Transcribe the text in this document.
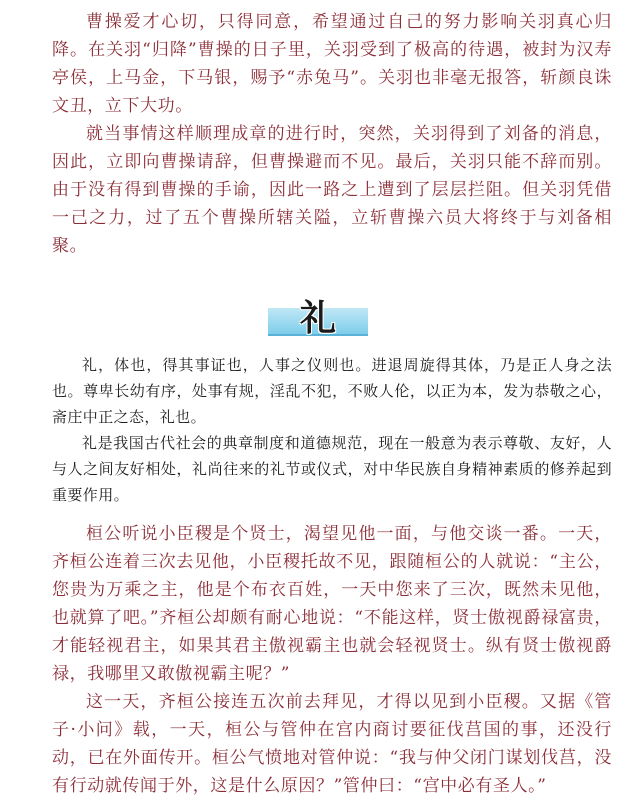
曹操爱才心切，只得同意，希望通过自己的努力影响关羽真心归降。在关羽“归降”曹操的日子里，关羽受到了极高的待遇，被封为汉寿亭侯，上马金，下马银，赐予“赤兔马”。关羽也非毫无报答，斩颜良诛文丑，立下大功。

就当事情这样顺理成章的进行时，突然，关羽得到了刘备的消息，因此，立即向曹操请辞，但曹操避而不见。最后，关羽只能不辞而别。由于没有得到曹操的手谕，因此一路之上遭到了层层拦阻。但关羽凭借一己之力，过了五个曹操所辖关隘，立斩曹操六员大将终于与刘备相聚。

礼

礼，体也，得其事证也，人事之仪则也。进退周旋得其体，乃是正人身之法也。尊卑长幼有序，处事有规，淫乱不犯，不败人伦，以正为本，发为恭敬之心，斋庄中正之态，礼也。

礼是我国古代社会的典章制度和道德规范，现在一般意为表示尊敬、友好，人与人之间友好相处，礼尚往来的礼节或仪式，对中华民族自身精神素质的修养起到重要作用。

桓公听说小臣稷是个贤士，渴望见他一面，与他交谈一番。一天，齐桓公连着三次去见他，小臣稷托故不见，跟随桓公的人就说：“主公，您贵为万乘之主，他是个布衣百姓，一天中您来了三次，既然未见他，也就算了吧。”齐桓公却颇有耐心地说：“不能这样，贤士傲视爵禄富贵，才能轻视君主，如果其君主傲视霸主也就会轻视贤士。纵有贤士傲视爵禄，我哪里又敢傲视霸主呢？”

这一天，齐桓公接连五次前去拜见，才得以见到小臣稷。又据《管子·小问》载，一天，桓公与管仲在宫内商讨要征伐莒国的事，还没行动，已在外面传开。桓公气愤地对管仲说：“我与仲父闭门谋划伐莒，没有行动就传闻于外，这是什么原因？”管仲曰：“宫中必有圣人。”
